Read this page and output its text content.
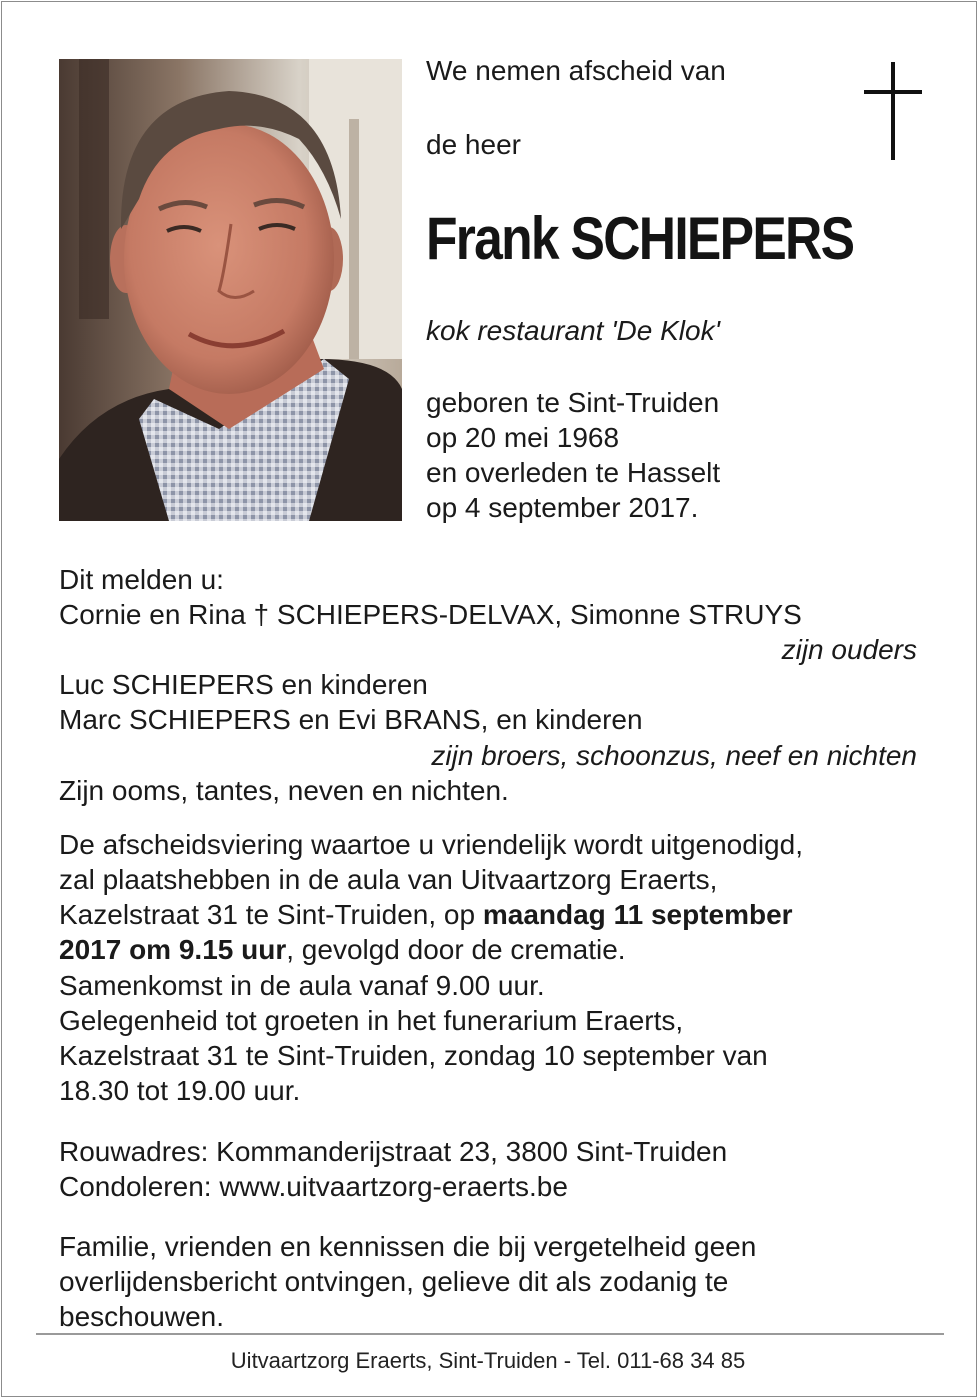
We nemen afscheid van
de heer
Frank SCHIEPERS
kok restaurant 'De Klok'
geboren te Sint-Truiden
op 20 mei 1968
en overleden te Hasselt
op 4 september 2017.
Dit melden u:
Cornie en Rina † SCHIEPERS-DELVAX, Simonne STRUYS
zijn ouders
Luc SCHIEPERS en kinderen
Marc SCHIEPERS en Evi BRANS, en kinderen
zijn broers, schoonzus, neef en nichten
Zijn ooms, tantes, neven en nichten.
De afscheidsviering waartoe u vriendelijk wordt uitgenodigd,
zal plaatshebben in de aula van Uitvaartzorg Eraerts,
Kazelstraat 31 te Sint-Truiden, op maandag 11 september
2017 om 9.15 uur, gevolgd door de crematie.
Samenkomst in de aula vanaf 9.00 uur.
Gelegenheid tot groeten in het funerarium Eraerts,
Kazelstraat 31 te Sint-Truiden, zondag 10 september van
18.30 tot 19.00 uur.
Rouwadres: Kommanderijstraat 23, 3800 Sint-Truiden
Condoleren: www.uitvaartzorg-eraerts.be
Familie, vrienden en kennissen die bij vergetelheid geen
overlijdensbericht ontvingen, gelieve dit als zodanig te
beschouwen.
Uitvaartzorg Eraerts, Sint-Truiden - Tel. 011-68 34 85
